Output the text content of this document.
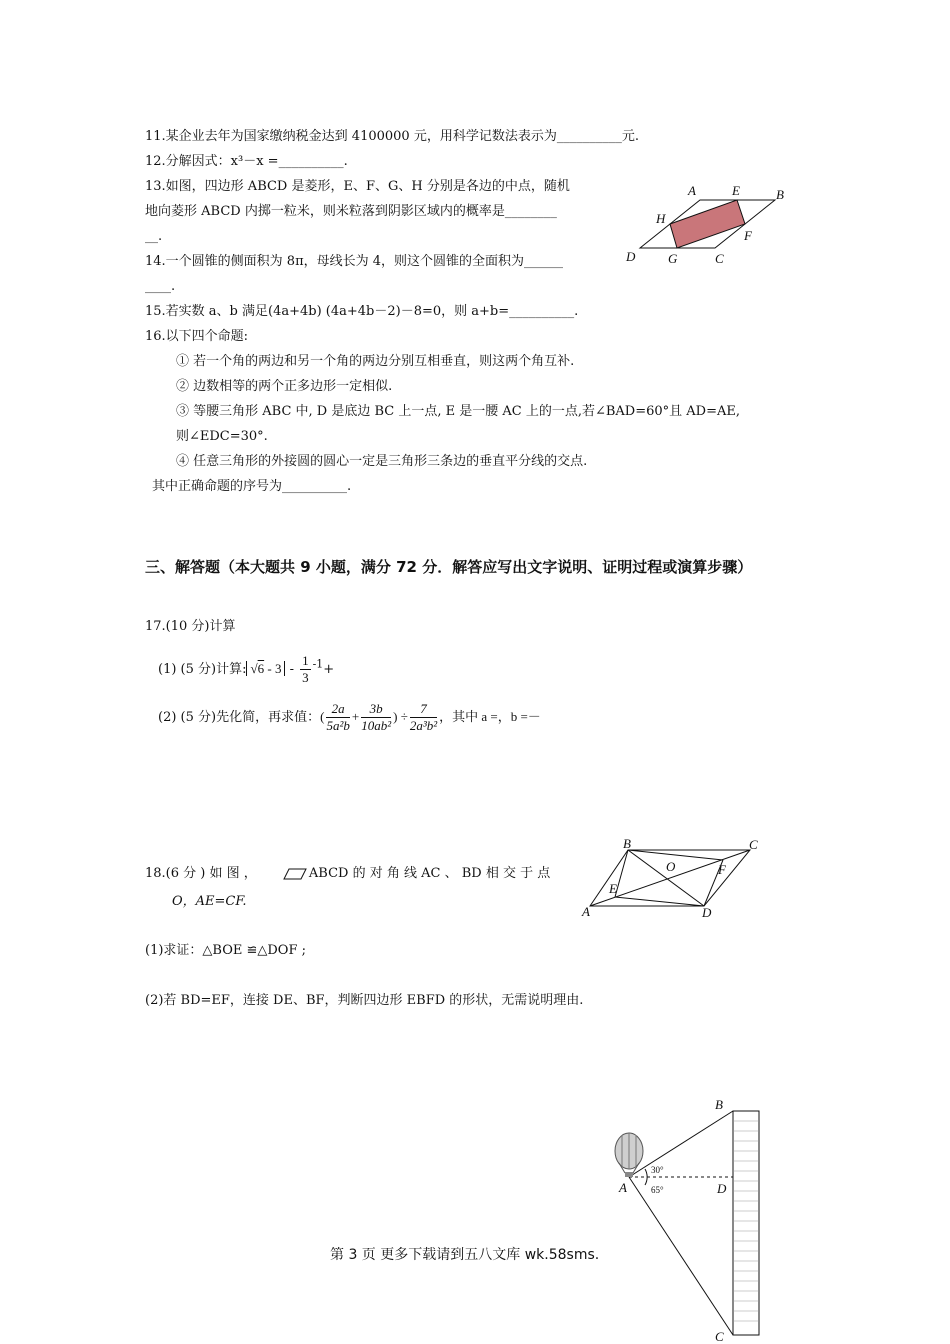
11.某企业去年为国家缴纳税金达到 4100000 元，用科学记数法表示为__________元.
12.分解因式：x³－x =__________.
13.如图，四边形 ABCD 是菱形，E、F、G、H 分别是各边的中点，随机
地向菱形 ABCD 内掷一粒米，则米粒落到阴影区域内的概率是________
__.
14.一个圆锥的侧面积为 8π，母线长为 4，则这个圆锥的全面积为______
____.
15.若实数 a、b 满足(4a+4b) (4a+4b－2)－8=0，则 a+b=__________.
16.以下四个命题:
① 若一个角的两边和另一个角的两边分别互相垂直，则这两个角互补.
② 边数相等的两个正多边形一定相似.
③ 等腰三角形 ABC 中, D 是底边 BC 上一点, E 是一腰 AC 上的一点,若∠BAD=60°且 AD=AE,
则∠EDC=30°.
④ 任意三角形的外接圆的圆心一定是三角形三条边的垂直平分线的交点.
其中正确命题的序号为__________.
A	E	B
H
F
D	G	C
三、解答题（本大题共 9 小题，满分 72 分．解答应写出文字说明、证明过程或演算步骤）
17.(10 分)计算
(1) (5 分)计算: $√6 - 3 - \frac{1}{3} ^{-1}+$
(2) (5 分)先化简，再求值：( $\frac{2a}{\text{5a²b}} + \frac{3b}{\text{10ab²}}$ ) ÷ $\frac{7}{\text{2a³b²}}$ ，其中 a =，b =－
18.(6 分 ) 如 图 ，	ABCD 的 对 角 线 AC 、 BD 相 交 于 点
O，AE=CF.
(1)求证：△BOE ≌△DOF ;
(2)若 BD=EF，连接 DE、BF，判断四边形 EBFD 的形状，无需说明理由.
B	C
O	F
E
A	D
B
30°
A	65°	D
C
第 3 页 更多下载请到五八文库 wk.58sms.
